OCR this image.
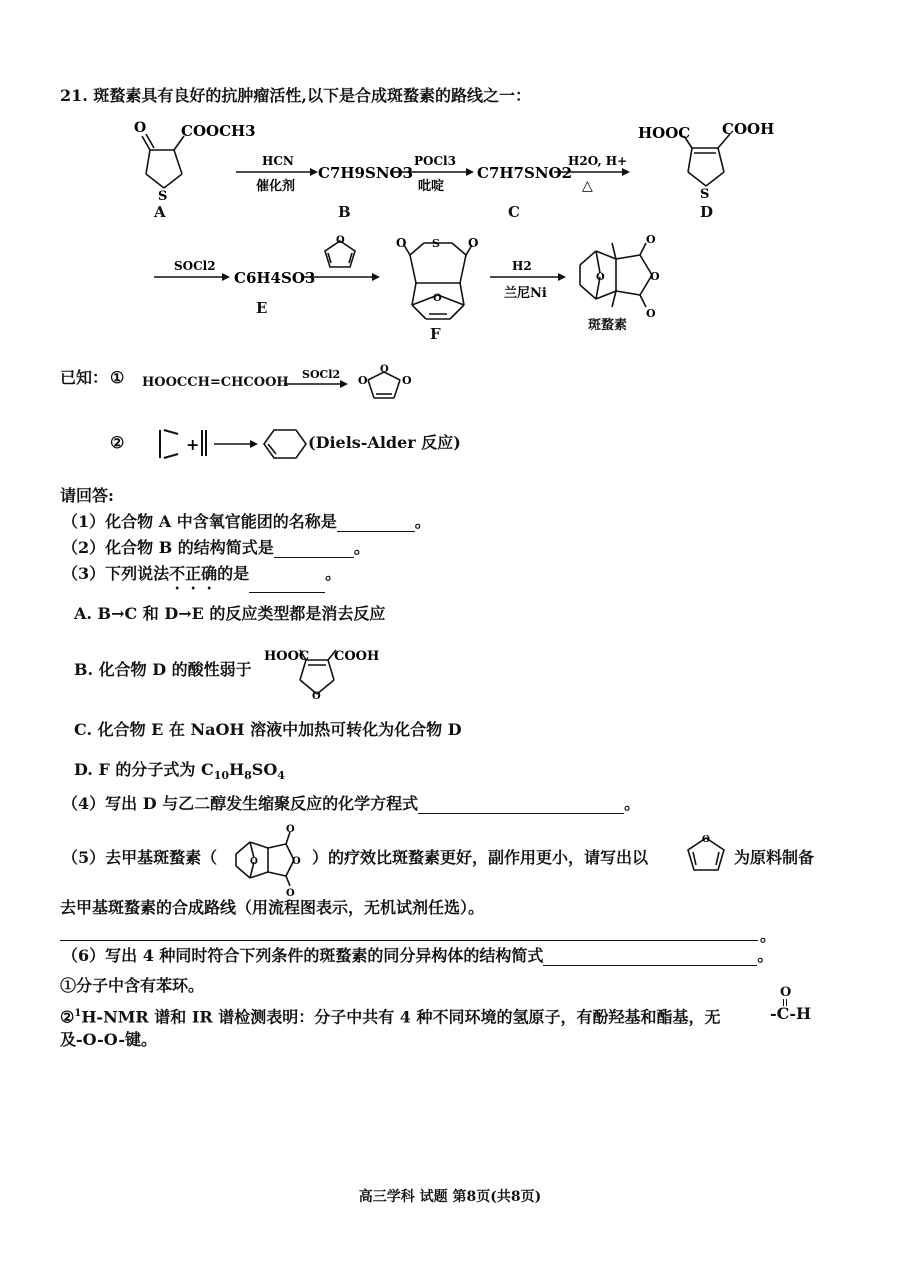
21. 斑蝥素具有良好的抗肿瘤活性,以下是合成斑蝥素的路线之一：
O COOCH3
S
HCN
催化剂
C7H9SNO3
POCl3
吡啶
C7H7SNO2
H2O, H+
△
HOOC COOH
S
A	B	C	D
SOCl2
C6H4SO3
O	O S O
O
H2
兰尼Ni
O	O
O
O
E
F	斑蝥素
已知： ① HOOCCH=CHCOOH
SOCl2 O
O
O
②	+	(Diels-Alder 反应)
请回答:
（1）化合物 A 中含氧官能团的名称是	。
（2）化合物 B 的结构简式是	。
（3）下列说法不正确的是	。
A. B→C 和 D→E 的反应类型都是消去反应
B. 化合物 D 的酸性弱于
HOOC COOH
O
C. 化合物 E 在 NaOH 溶液中加热可转化为化合物 D
D. F 的分子式为 $C_{10}H_8SO_4$
（4）写出 D 与乙二醇发生缩聚反应的化学方程式	。
（5）去甲基斑蝥素（	O	O
O
O
）的疗效比斑蝥素更好，副作用更小，请写出以
O
为原料制备
去甲基斑蝥素的合成路线（用流程图表示，无机试剂任选）。
。
（6）写出 4 种同时符合下列条件的斑蝥素的同分异构体的结构简式	。
①分子中含有苯环。
②$^1$H-NMR 谱和 IR 谱检测表明：分子中共有 4 种不同环境的氢原子，有酚羟基和酯基，无
O
-C-H
及-O-O-键。
高三学科 试题 第8页(共8页)
